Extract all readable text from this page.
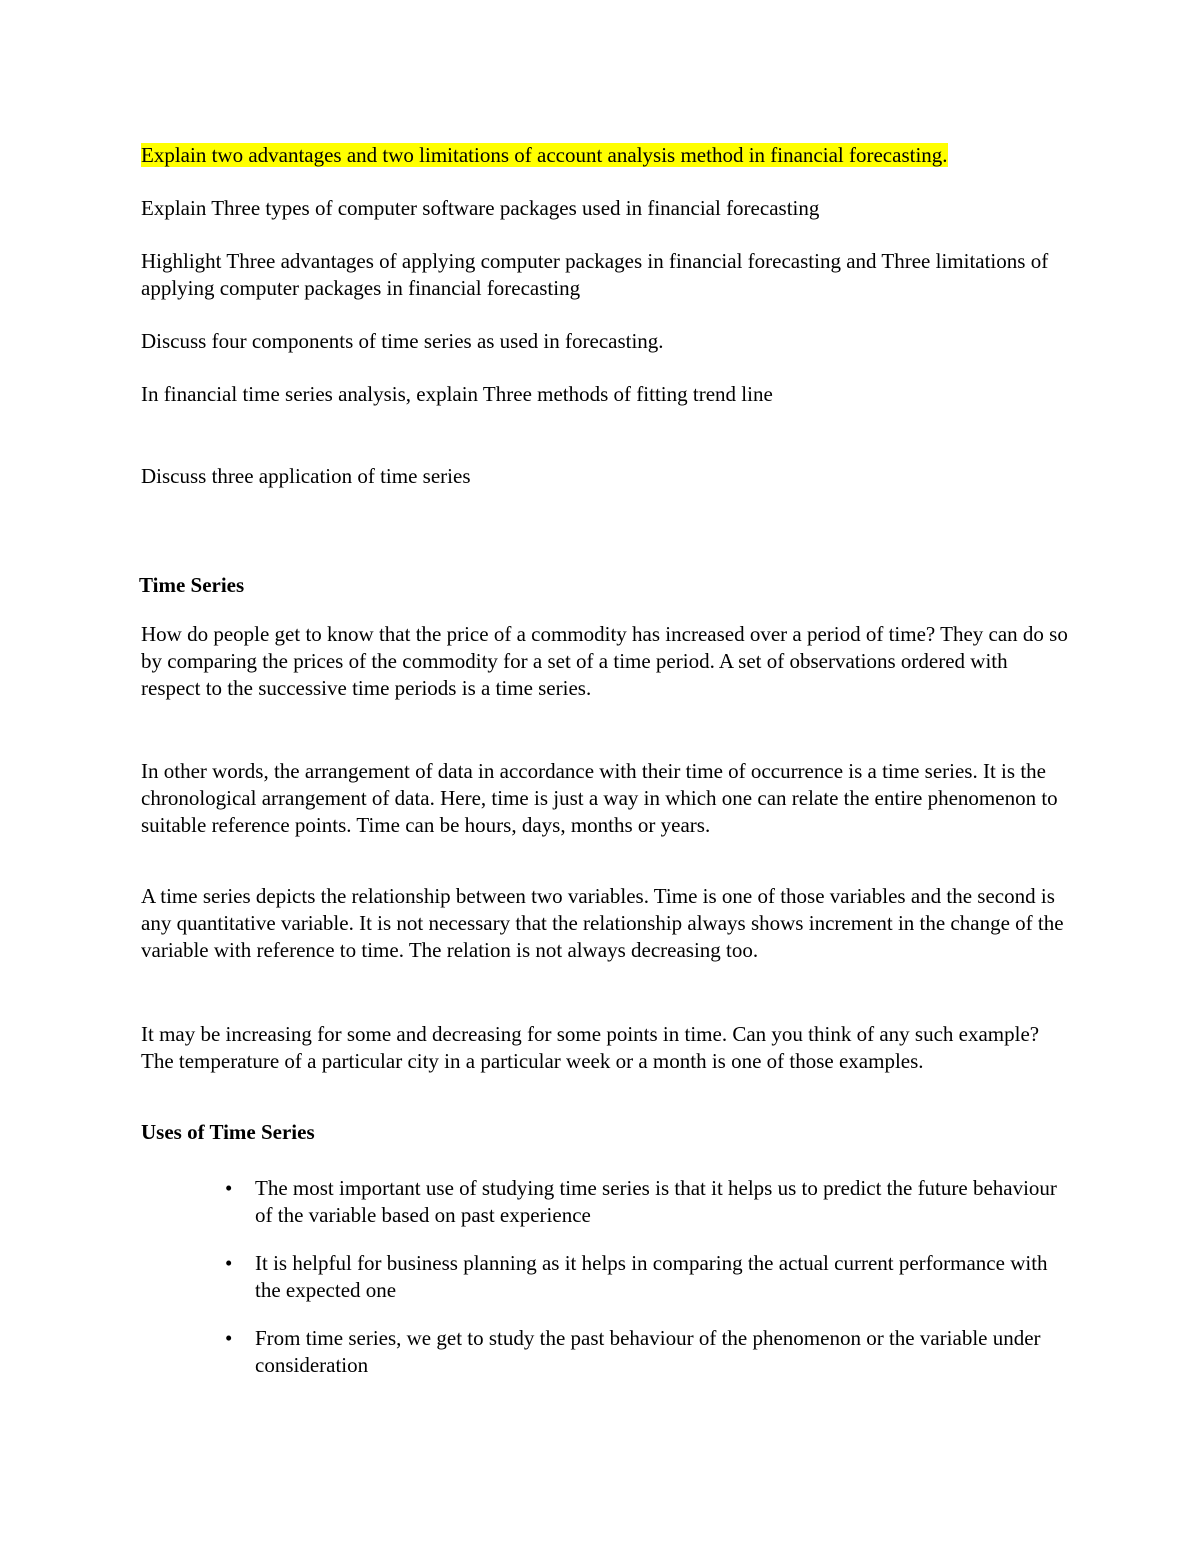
Explain two advantages and two limitations of account analysis method in financial forecasting.

Explain Three types of computer software packages used in financial forecasting

Highlight Three advantages of applying computer packages in financial forecasting and Three limitations of applying computer packages in financial forecasting

Discuss four components of time series as used in forecasting.

In financial time series analysis, explain Three methods of fitting trend line

Discuss three application of time series

Time Series

How do people get to know that the price of a commodity has increased over a period of time? They can do so by comparing the prices of the commodity for a set of a time period. A set of observations ordered with respect to the successive time periods is a time series.

In other words, the arrangement of data in accordance with their time of occurrence is a time series. It is the chronological arrangement of data. Here, time is just a way in which one can relate the entire phenomenon to suitable reference points. Time can be hours, days, months or years.

A time series depicts the relationship between two variables. Time is one of those variables and the second is any quantitative variable. It is not necessary that the relationship always shows increment in the change of the variable with reference to time. The relation is not always decreasing too.

It may be increasing for some and decreasing for some points in time. Can you think of any such example? The temperature of a particular city in a particular week or a month is one of those examples.

Uses of Time Series

• The most important use of studying time series is that it helps us to predict the future behaviour of the variable based on past experience
• It is helpful for business planning as it helps in comparing the actual current performance with the expected one
• From time series, we get to study the past behaviour of the phenomenon or the variable under consideration
